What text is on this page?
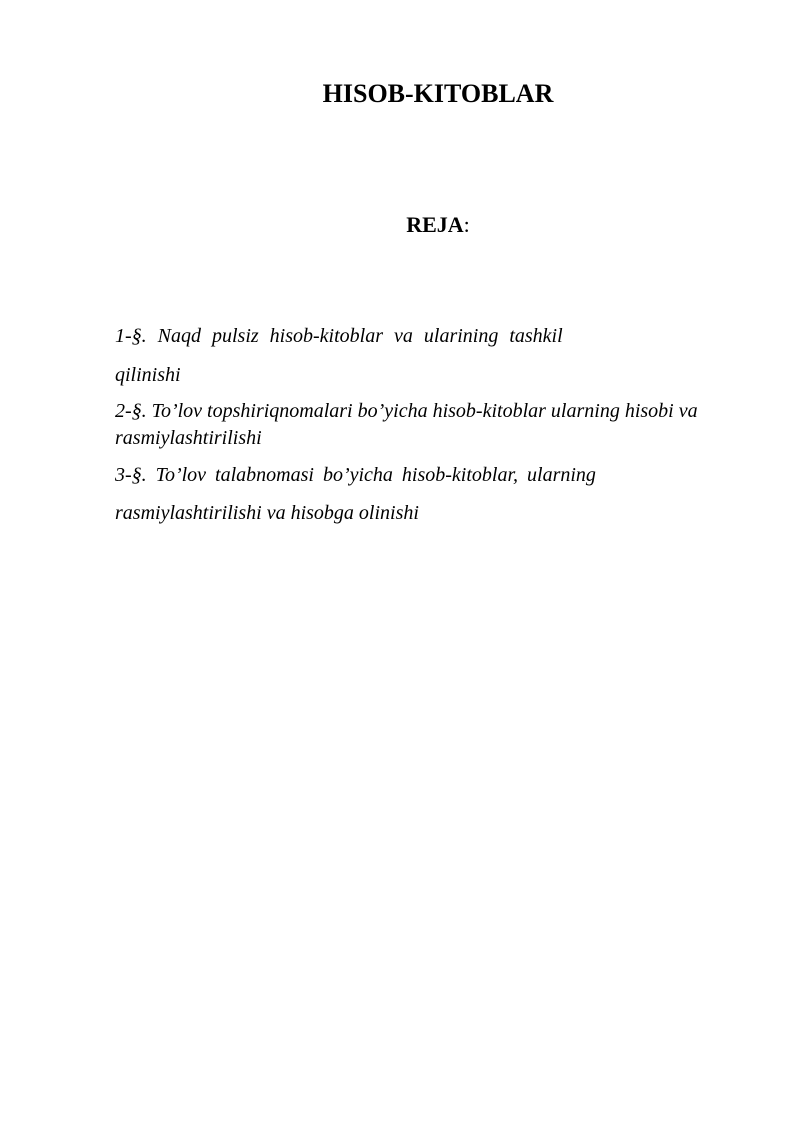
HISOB-KITOBLAR

REJA:

1-§. Naqd pulsiz hisob-kitoblar va ularining tashkil
qilinishi
2-§. To’lov topshiriqnomalari bo’yicha hisob-kitoblar ularning hisobi va
rasmiylashtirilishi
3-§. To’lov talabnomasi bo’yicha hisob-kitoblar, ularning
rasmiylashtirilishi va hisobga olinishi
